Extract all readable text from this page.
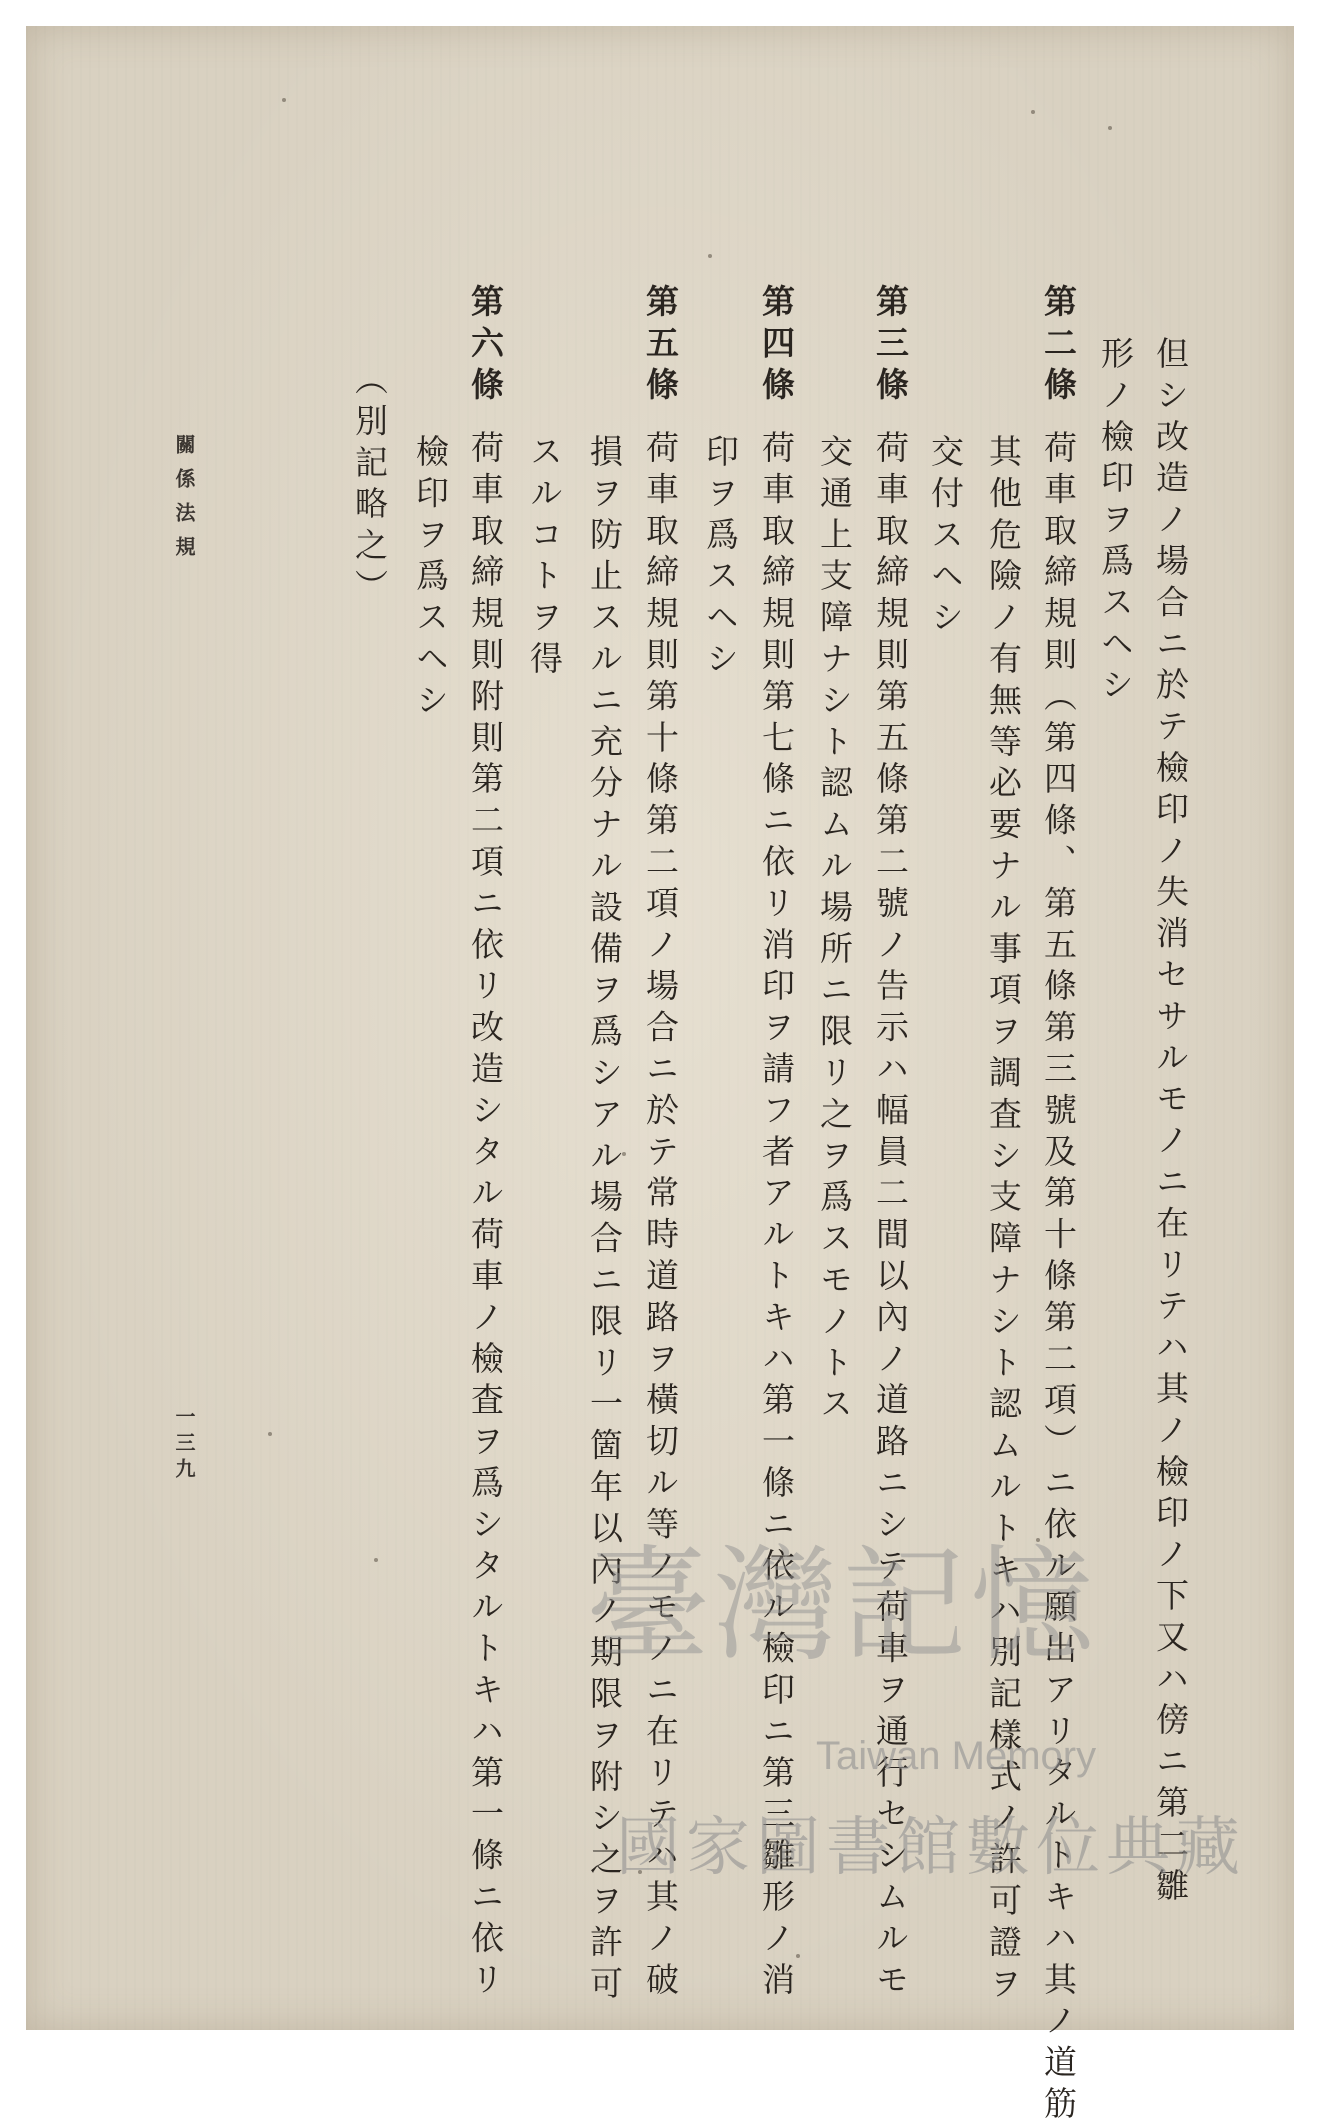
但シ改造ノ場合ニ於テ檢印ノ失消セサルモノニ在リテハ其ノ檢印ノ下又ハ傍ニ第二雛
形ノ檢印ヲ爲スヘシ
第二條荷車取締規則（第四條、第五條第三號及第十條第二項）ニ依ル願出アリタルトキハ其ノ道筋
其他危險ノ有無等必要ナル事項ヲ調査シ支障ナシト認ムルトキハ別記樣式ノ許可證ヲ
交付スヘシ
第三條荷車取締規則第五條第二號ノ告示ハ幅員二間以內ノ道路ニシテ荷車ヲ通行セシムルモ
交通上支障ナシト認ムル場所ニ限リ之ヲ爲スモノトス
第四條荷車取締規則第七條ニ依リ消印ヲ請フ者アルトキハ第一條ニ依ル檢印ニ第三雛形ノ消
印ヲ爲スヘシ
第五條荷車取締規則第十條第二項ノ場合ニ於テ常時道路ヲ橫切ル等ノモノニ在リテハ其ノ破
損ヲ防止スルニ充分ナル設備ヲ爲シアル場合ニ限リ一箇年以內ノ期限ヲ附シ之ヲ許可
スルコトヲ得
第六條荷車取締規則附則第二項ニ依リ改造シタル荷車ノ檢査ヲ爲シタルトキハ第一條ニ依リ
檢印ヲ爲スヘシ
（別記略之）
關係法規
一三九
臺灣記憶
Taiwan Memory
國家圖書館數位典藏
